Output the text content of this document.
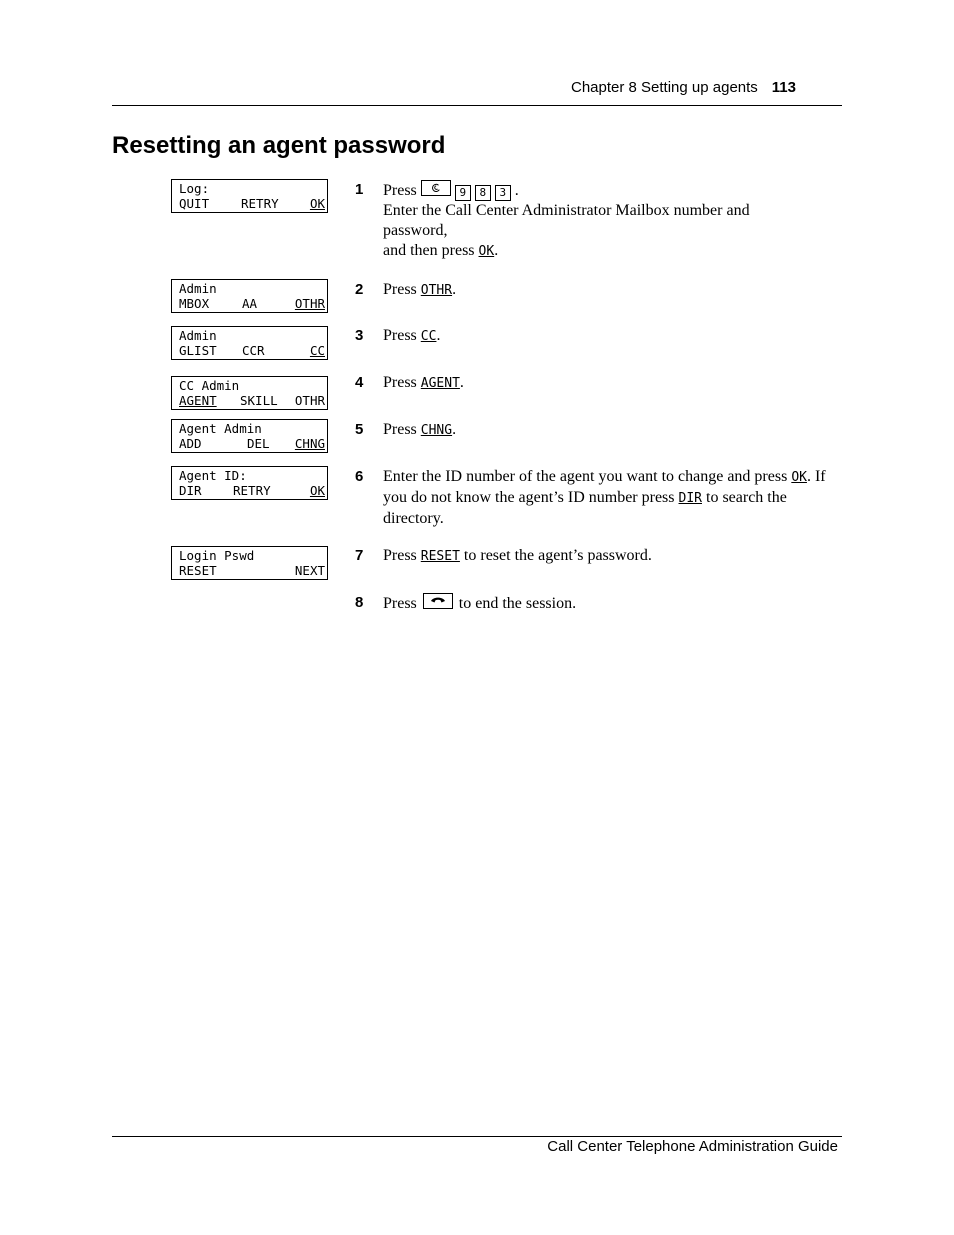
Chapter 8 Setting up agents 113
Resetting an agent password
Log:
QUIT	RETRY	OK
Admin
MBOX	AA	OTHR
Admin
GLIST CCR	CC
CC Admin
AGENT SKILL OTHR
Agent Admin
ADD	DEL CHNG
Agent ID:
DIR	RETRY	OK
Login Pswd
RESET	NEXT
1 Press	9 8 3 .

Enter the Call Center Administrator Mailbox number and

password,

and then press OK.

2 Press OTHR.

3 Press CC.

4 Press AGENT.

5 Press CHNG.

6 Enter the ID number of the agent you want to change and press OK. If you do not know the agent’s ID number press DIR to search the directory.

7 Press RESET to reset the agent’s password.

8 Press	to end the session.

Call Center Telephone Administration Guide
